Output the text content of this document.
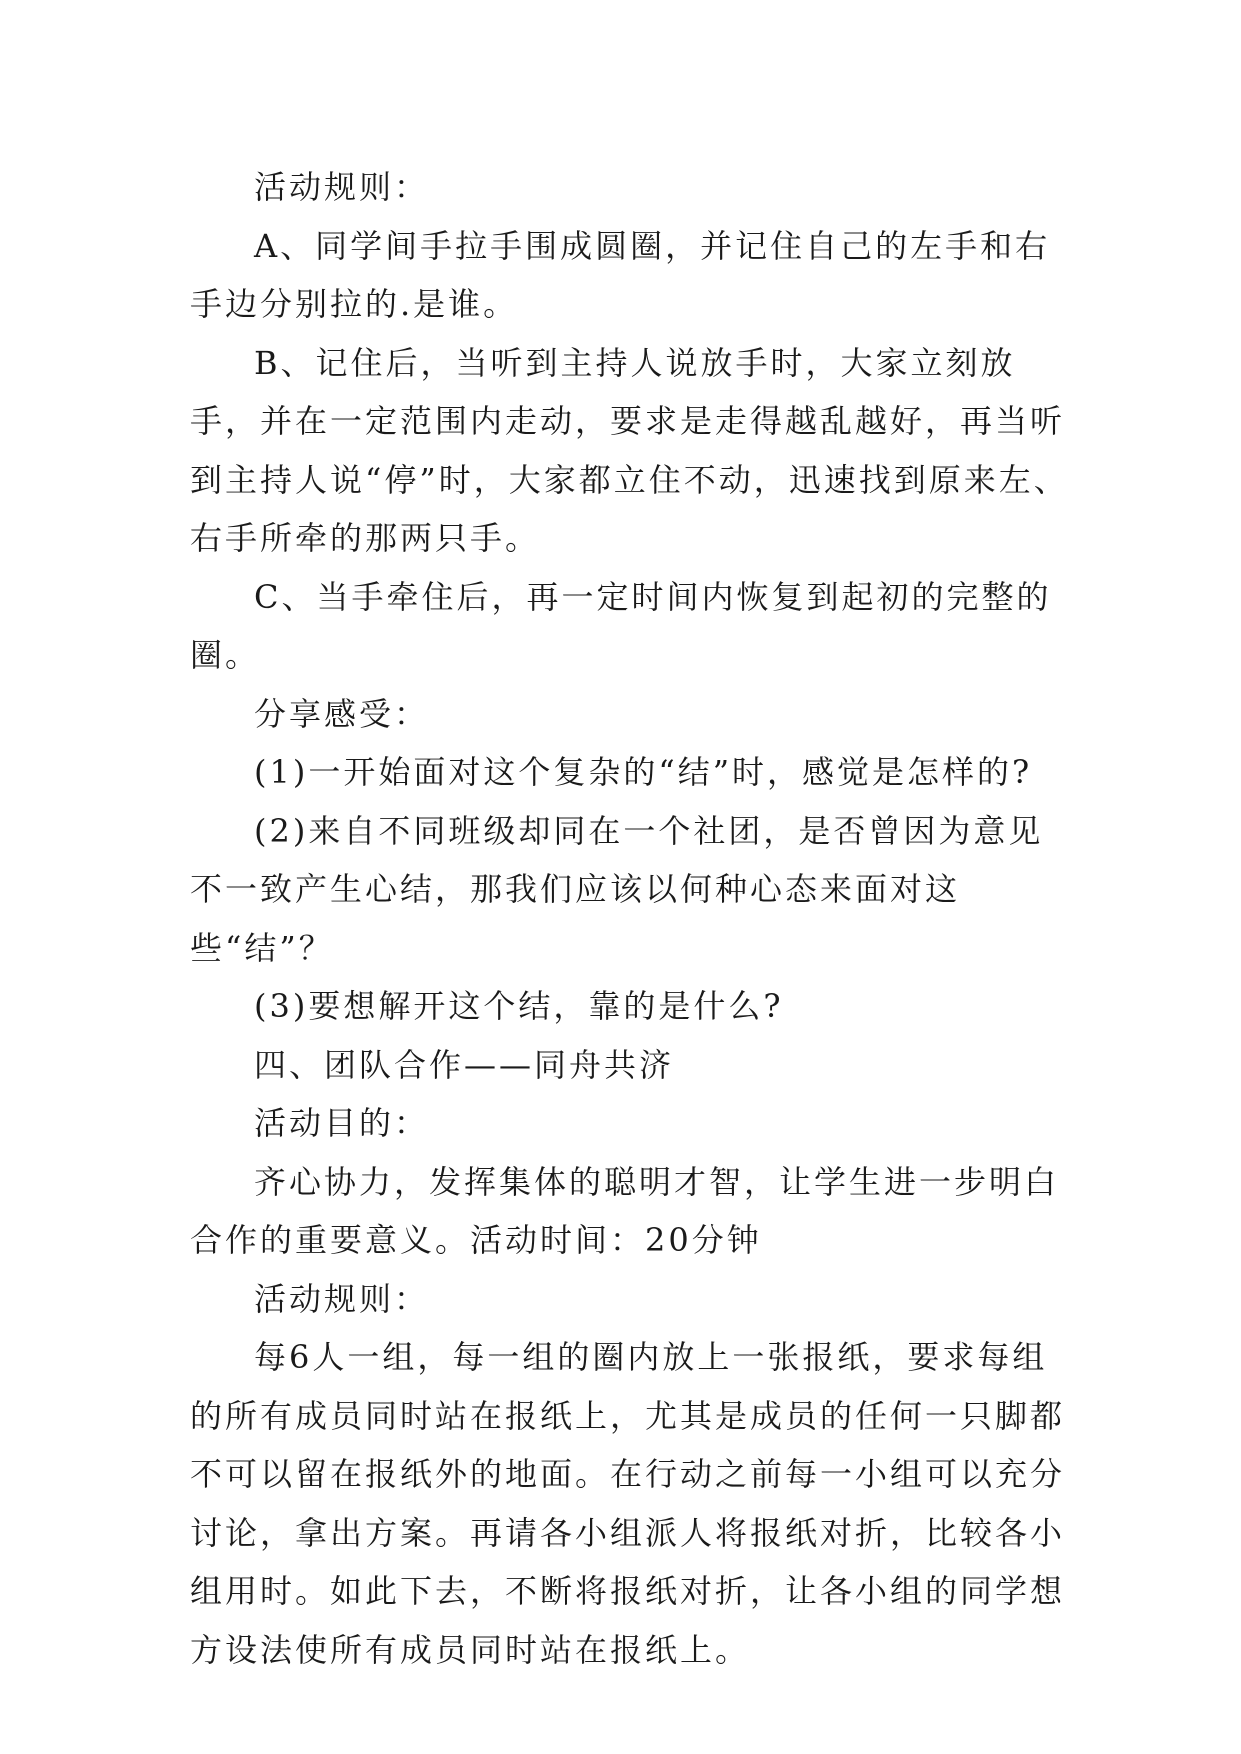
活动规则：

A、同学间手拉手围成圆圈，并记住自己的左手和右手边分别拉的.是谁。

B、记住后，当听到主持人说放手时，大家立刻放手，并在一定范围内走动，要求是走得越乱越好，再当听到主持人说“停”时，大家都立住不动，迅速找到原来左、右手所牵的那两只手。

C、当手牵住后，再一定时间内恢复到起初的完整的圈。

分享感受：

(1)一开始面对这个复杂的“结”时，感觉是怎样的?

(2)来自不同班级却同在一个社团，是否曾因为意见不一致产生心结，那我们应该以何种心态来面对这些“结”？

(3)要想解开这个结，靠的是什么?

四、团队合作——同舟共济

活动目的：

齐心协力，发挥集体的聪明才智，让学生进一步明白合作的重要意义。活动时间：20分钟

活动规则：

每6人一组，每一组的圈内放上一张报纸，要求每组的所有成员同时站在报纸上，尤其是成员的任何一只脚都不可以留在报纸外的地面。在行动之前每一小组可以充分讨论，拿出方案。再请各小组派人将报纸对折，比较各小组用时。如此下去，不断将报纸对折，让各小组的同学想方设法使所有成员同时站在报纸上。
